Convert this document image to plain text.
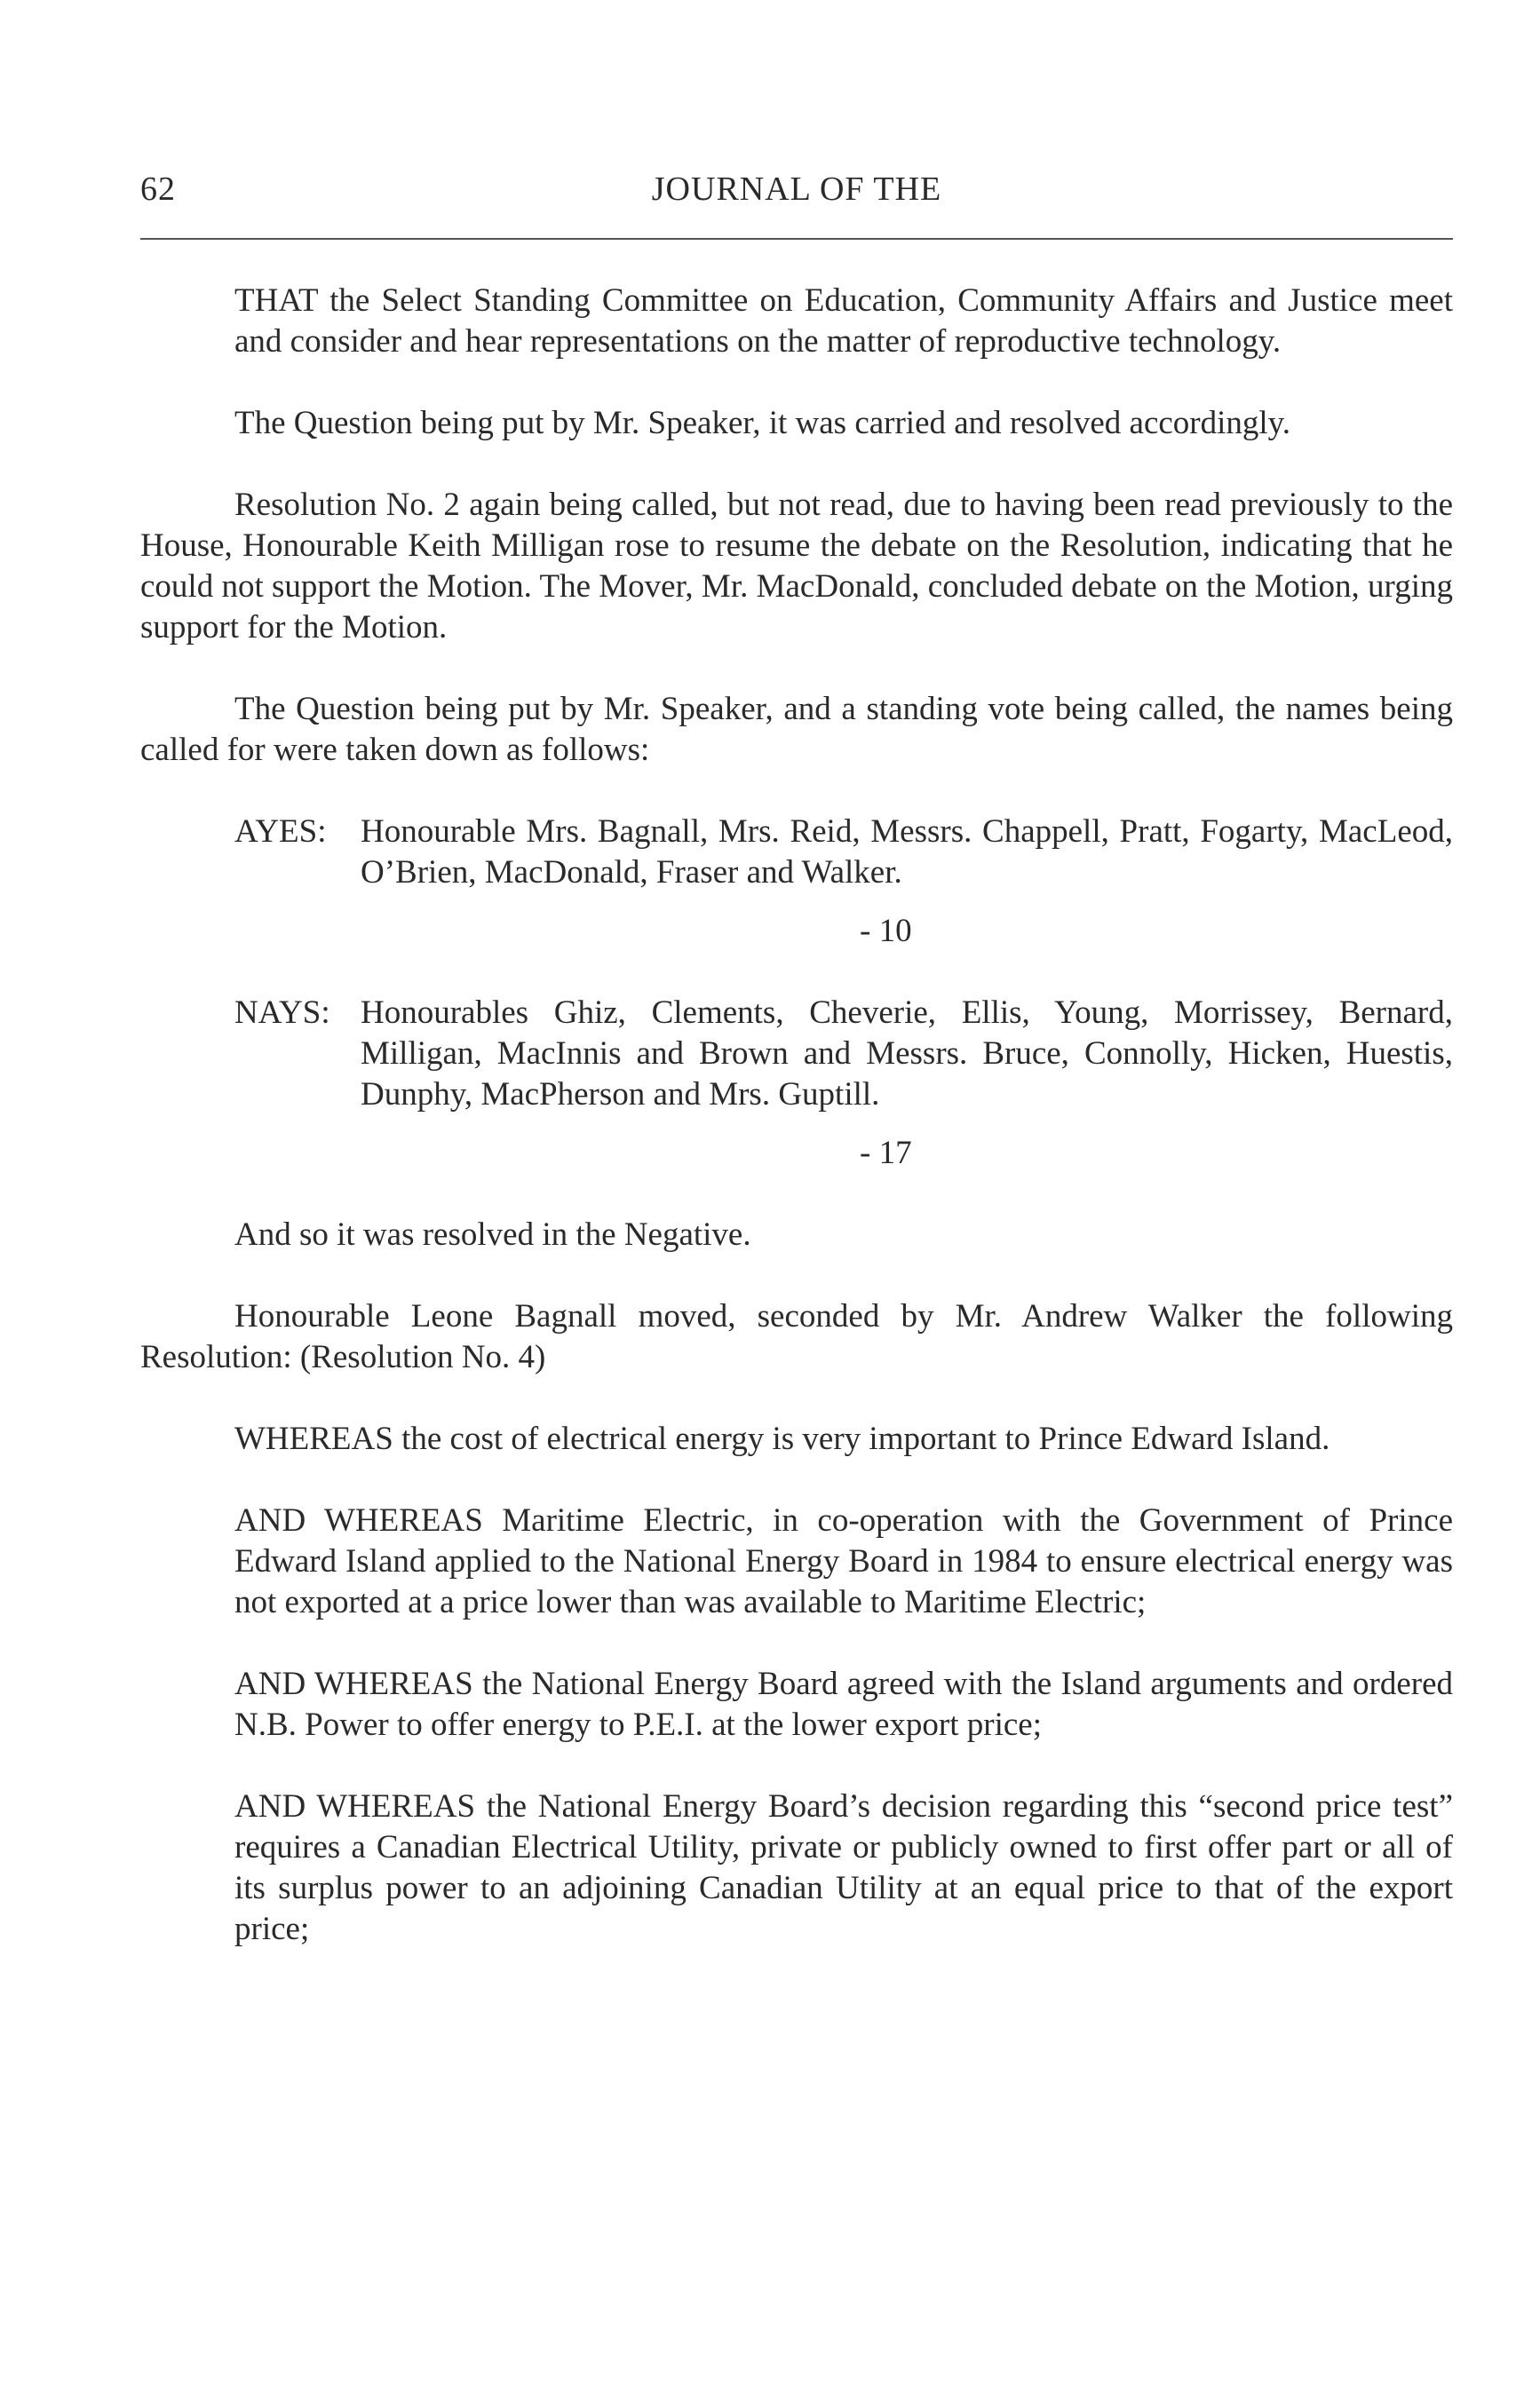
62	JOURNAL OF THE

THAT the Select Standing Committee on Education, Community Affairs and Justice meet and consider and hear representations on the matter of reproductive technology.

The Question being put by Mr. Speaker, it was carried and resolved accordingly.

Resolution No. 2 again being called, but not read, due to having been read previously to the House, Honourable Keith Milligan rose to resume the debate on the Resolution, indicating that he could not support the Motion. The Mover, Mr. MacDonald, concluded debate on the Motion, urging support for the Motion.

The Question being put by Mr. Speaker, and a standing vote being called, the names being called for were taken down as follows:

AYES:	Honourable Mrs. Bagnall, Mrs. Reid, Messrs. Chappell, Pratt, Fogarty, MacLeod, O’Brien, MacDonald, Fraser and Walker.
- 10
NAYS: Honourables Ghiz, Clements, Cheverie, Ellis, Young, Morrissey, Bernard, Milligan, MacInnis and Brown and Messrs. Bruce, Connolly, Hicken, Huestis, Dunphy, MacPherson and Mrs. Guptill.
- 17

And so it was resolved in the Negative.

Honourable Leone Bagnall moved, seconded by Mr. Andrew Walker the following Resolution: (Resolution No. 4)

WHEREAS the cost of electrical energy is very important to Prince Edward Island.

AND WHEREAS Maritime Electric, in co-operation with the Government of Prince Edward Island applied to the National Energy Board in 1984 to ensure electrical energy was not exported at a price lower than was available to Maritime Electric;

AND WHEREAS the National Energy Board agreed with the Island arguments and ordered N.B. Power to offer energy to P.E.I. at the lower export price;

AND WHEREAS the National Energy Board’s decision regarding this “second price test” requires a Canadian Electrical Utility, private or publicly owned to first offer part or all of its surplus power to an adjoining Canadian Utility at an equal price to that of the export price;
